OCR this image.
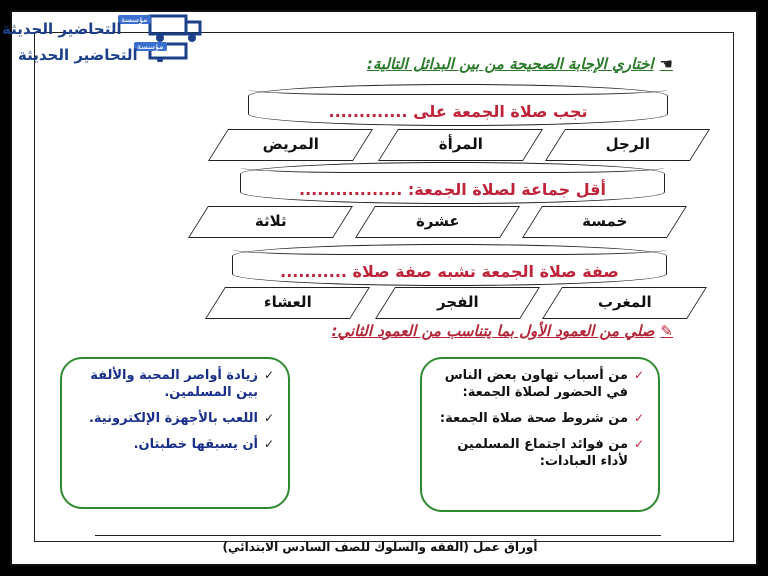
مؤسسة
التحاضير الحديثة
مؤسسة
التحاضير الحديثة	☚اختاري الإجابة الصحيحة من بين البدائل التالية:
تجب صلاة الجمعة على .............
الرجل
المرأة
المريض
أقل جماعة لصلاة الجمعة: .................
خمسة
عشرة
ثلاثة
صفة صلاة الجمعة تشبه صفة صلاة ...........
المغرب
الفجر
العشاء
✎صلي من العمود الأول بما يتناسب من العمود الثاني:
✓
زيادة أواصر المحبة والألفة بين المسلمين.
✓
اللعب بالأجهزة الإلكترونية.
✓
أن يسبقها خطبتان.
✓
من أسباب تهاون بعض الناس في الحضور لصلاة الجمعة:
✓
من شروط صحة صلاة الجمعة:
✓
من فوائد اجتماع المسلمين لأداء العبادات:
أوراق عمل (الفقه والسلوك للصف السادس الابتدائي)
